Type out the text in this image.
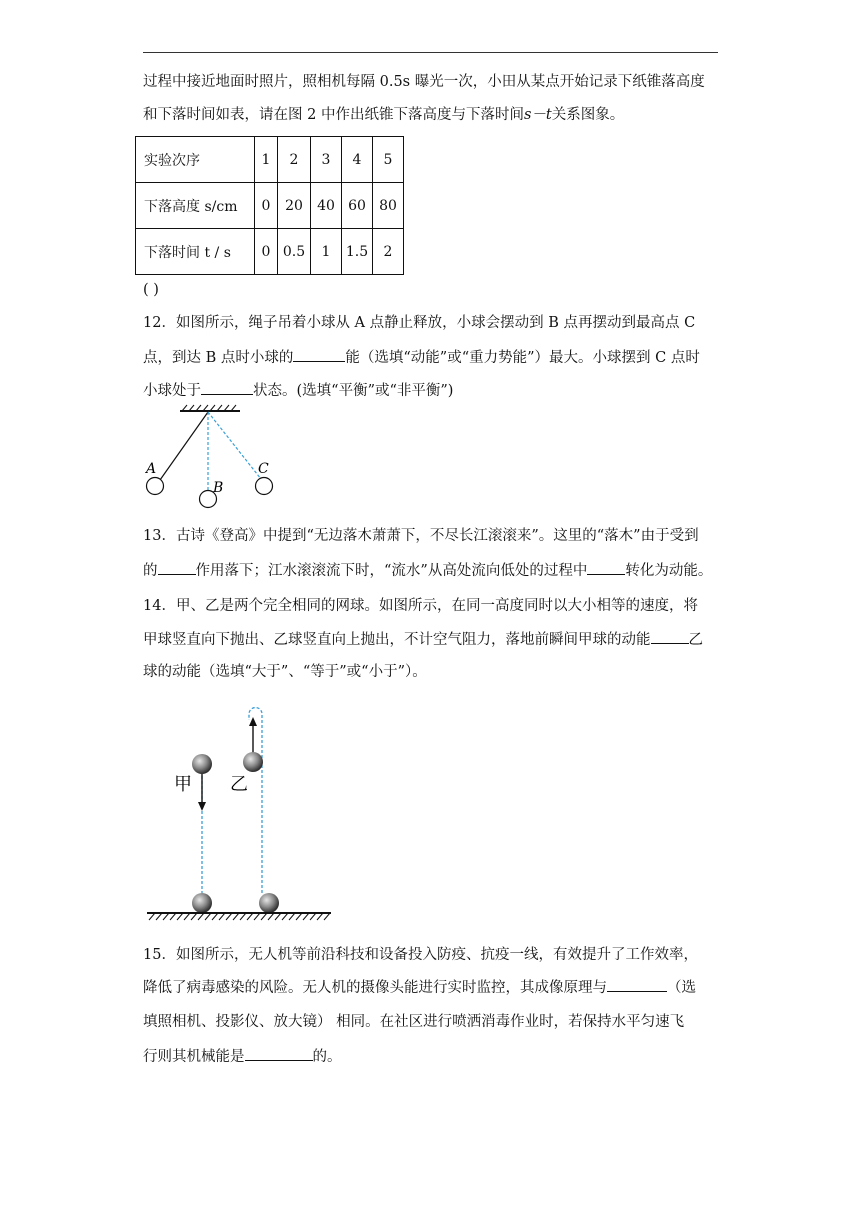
过程中接近地面时照片，照相机每隔 0.5s 曝光一次，小田从某点开始记录下纸锥落高度
和下落时间如表，请在图 2 中作出纸锥下落高度与下落时间s－t关系图象。
实验次序	1	2	3	4	5
下落高度 s/cm	0	20	40	60	80
下落时间 t / s	0	0.5	1	1.5	2
( )
12．如图所示，绳子吊着小球从 A 点静止释放，小球会摆动到 B 点再摆动到最高点 C
点，到达 B 点时小球的	能（选填“动能”或“重力势能”）最大。小球摆到 C 点时
小球处于	状态。(选填“平衡”或“非平衡”)
A
B
C
13．古诗《登高》中提到“无边落木萧萧下，不尽长江滚滚来”。这里的“落木”由于受到
的	作用落下；江水滚滚流下时，“流水”从高处流向低处的过程中	转化为动能。
14．甲、乙是两个完全相同的网球。如图所示，在同一高度同时以大小相等的速度，将
甲球竖直向下抛出、乙球竖直向上抛出，不计空气阻力，落地前瞬间甲球的动能	乙
球的动能（选填“大于”、“等于”或“小于”）。
甲 乙
15．如图所示，无人机等前沿科技和设备投入防疫、抗疫一线，有效提升了工作效率，
降低了病毒感染的风险。无人机的摄像头能进行实时监控，其成像原理与	（选
填照相机、投影仪、放大镜） 相同。在社区进行喷洒消毒作业时，若保持水平匀速飞
行则其机械能是	的。
